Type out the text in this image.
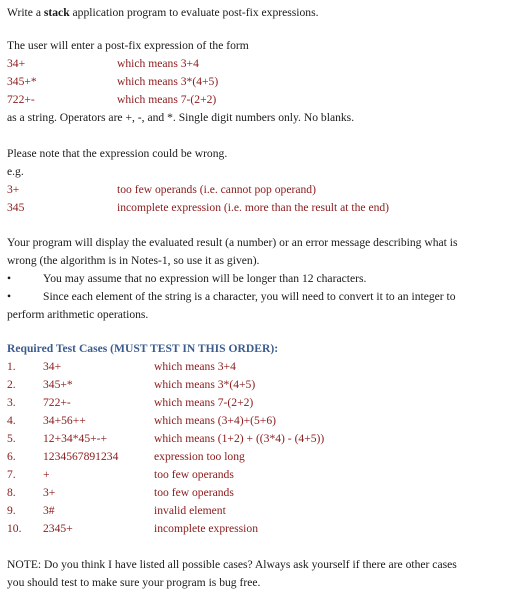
Write a stack application program to evaluate post-fix expressions.
The user will enter a post-fix expression of the form
34+	which means 3+4
345+*	which means 3*(4+5)
722+-	which means 7-(2+2)
as a string. Operators are +, -, and *. Single digit numbers only. No blanks.
Please note that the expression could be wrong.
e.g.
3+	too few operands (i.e. cannot pop operand)
345	incomplete expression (i.e. more than the result at the end)
Your program will display the evaluated result (a number) or an error message describing what is
wrong (the algorithm is in Notes-1, so use it as given).
•	You may assume that no expression will be longer than 12 characters.
•	Since each element of the string is a character, you will need to convert it to an integer to
perform arithmetic operations.
Required Test Cases (MUST TEST IN THIS ORDER):
1. 34+	which means 3+4
2. 345+*	which means 3*(4+5)
3. 722+-	which means 7-(2+2)
4. 34+56++	which means (3+4)+(5+6)
5. 12+34*45+-+	which means (1+2) + ((3*4) - (4+5))
6. 1234567891234	expression too long
7. +	too few operands
8. 3+	too few operands
9. 3#	invalid element
10. 2345+	incomplete expression
NOTE: Do you think I have listed all possible cases? Always ask yourself if there are other cases
you should test to make sure your program is bug free.
